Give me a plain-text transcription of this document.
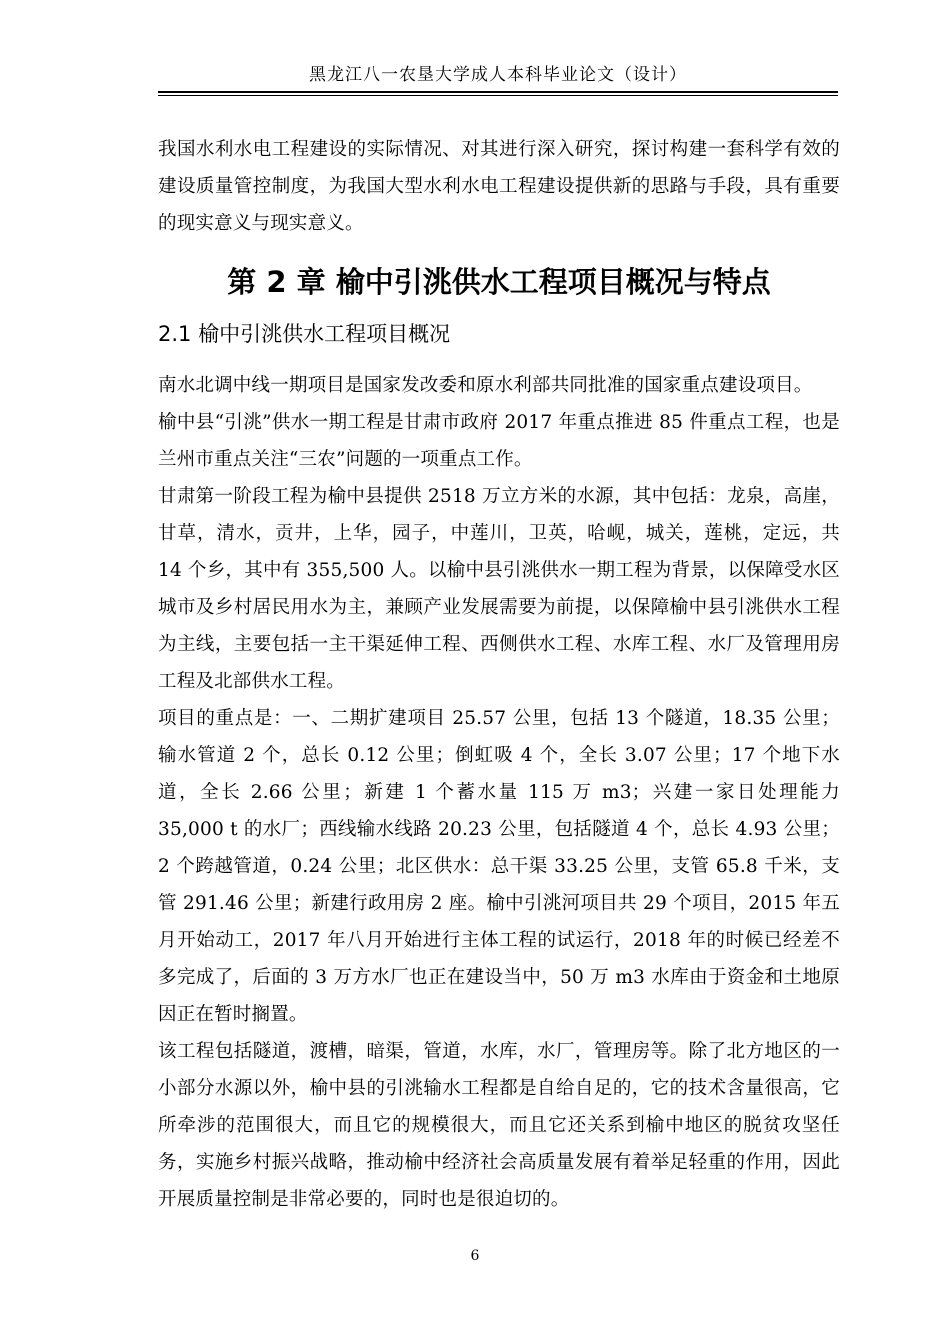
黑龙江八一农垦大学成人本科毕业论文（设计）

我国水利水电工程建设的实际情况、对其进行深入研究，探讨构建一套科学有效的建设质量管控制度，为我国大型水利水电工程建设提供新的思路与手段，具有重要的现实意义与现实意义。

第 2 章 榆中引洮供水工程项目概况与特点
2.1 榆中引洮供水工程项目概况

南水北调中线一期项目是国家发改委和原水利部共同批准的国家重点建设项目。

榆中县“引洮”供水一期工程是甘肃市政府 2017 年重点推进 85 件重点工程，也是兰州市重点关注“三农”问题的一项重点工作。

甘肃第一阶段工程为榆中县提供 2518 万立方米的水源，其中包括：龙泉，高崖，甘草，清水，贡井，上华，园子，中莲川，卫英，哈岘，城关，莲桃，定远，共 14 个乡，其中有 355,500 人。以榆中县引洮供水一期工程为背景，以保障受水区城市及乡村居民用水为主，兼顾产业发展需要为前提，以保障榆中县引洮供水工程为主线，主要包括一主干渠延伸工程、西侧供水工程、水库工程、水厂及管理用房工程及北部供水工程。

项目的重点是：一、二期扩建项目 25.57 公里，包括 13 个隧道，18.35 公里；输水管道 2 个，总长 0.12 公里；倒虹吸 4 个，全长 3.07 公里；17 个地下水道，全长 2.66 公里；新建 1 个蓄水量 115 万 m3；兴建一家日处理能力 35,000 t 的水厂；西线输水线路 20.23 公里，包括隧道 4 个，总长 4.93 公里；2 个跨越管道，0.24 公里；北区供水：总干渠 33.25 公里，支管 65.8 千米，支管 291.46 公里；新建行政用房 2 座。榆中引洮河项目共 29 个项目，2015 年五月开始动工，2017 年八月开始进行主体工程的试运行，2018 年的时候已经差不多完成了，后面的 3 万方水厂也正在建设当中，50 万 m3 水库由于资金和土地原因正在暂时搁置。

该工程包括隧道，渡槽，暗渠，管道，水库，水厂，管理房等。除了北方地区的一小部分水源以外，榆中县的引洮输水工程都是自给自足的，它的技术含量很高，它所牵涉的范围很大，而且它的规模很大，而且它还关系到榆中地区的脱贫攻坚任务，实施乡村振兴战略，推动榆中经济社会高质量发展有着举足轻重的作用，因此开展质量控制是非常必要的，同时也是很迫切的。

6
